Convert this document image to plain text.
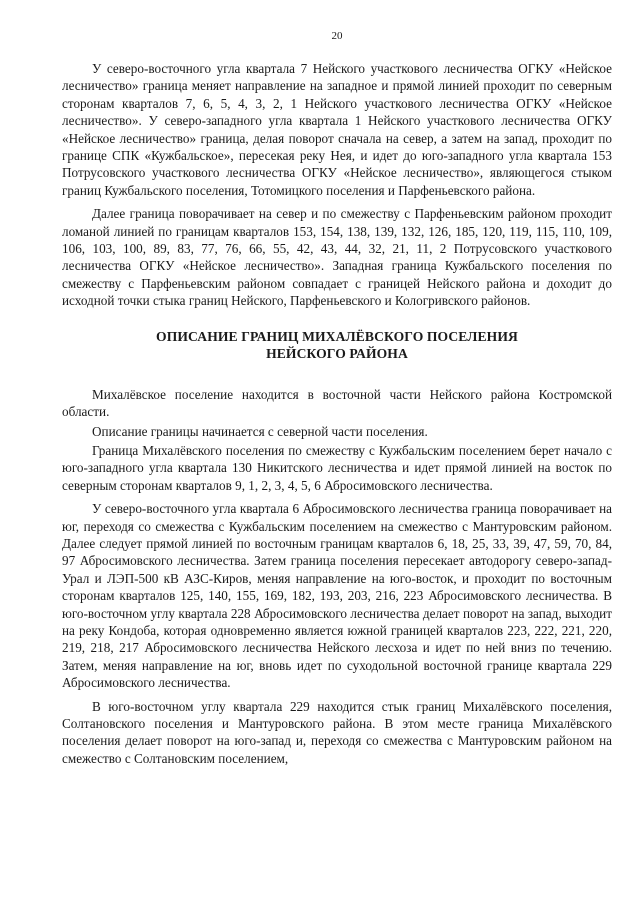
20

У северо-восточного угла квартала 7 Нейского участкового лесничества ОГКУ «Нейское лесничество» граница меняет направление на западное и прямой линией проходит по северным сторонам кварталов 7, 6, 5, 4, 3, 2, 1 Нейского участкового лесничества ОГКУ «Нейское лесничество». У северо-западного угла квартала 1 Нейского участкового лесничества ОГКУ «Нейское лесничество» граница, делая поворот сначала на север, а затем на запад, проходит по границе СПК «Кужбальское», пересекая реку Нея, и идет до юго-западного угла квартала 153 Потрусовского участкового лесничества ОГКУ «Нейское лесничество», являющегося стыком границ Кужбальского поселения, Тотомицкого поселения и Парфеньевского района.

Далее граница поворачивает на север и по смежеству с Парфеньевским районом проходит ломаной линией по границам кварталов 153, 154, 138, 139, 132, 126, 185, 120, 119, 115, 110, 109, 106, 103, 100, 89, 83, 77, 76, 66, 55, 42, 43, 44, 32, 21, 11, 2 Потрусовского участкового лесничества ОГКУ «Нейское лесничество». Западная граница Кужбальского поселения по смежеству с Парфеньевским районом совпадает с границей Нейского района и доходит до исходной точки стыка границ Нейского, Парфеньевского и Кологривского районов.

ОПИСАНИЕ ГРАНИЦ МИХАЛЁВСКОГО ПОСЕЛЕНИЯ
НЕЙСКОГО РАЙОНА

Михалёвское поселение находится в восточной части Нейского района Костромской области.

Описание границы начинается с северной части поселения.

Граница Михалёвского поселения по смежеству с Кужбальским поселением берет начало с юго-западного угла квартала 130 Никитского лесничества и идет прямой линией на восток по северным сторонам кварталов 9, 1, 2, 3, 4, 5, 6 Абросимовского лесничества.

У северо-восточного угла квартала 6 Абросимовского лесничества граница поворачивает на юг, переходя со смежества с Кужбальским поселением на смежество с Мантуровским районом. Далее следует прямой линией по восточным границам кварталов 6, 18, 25, 33, 39, 47, 59, 70, 84, 97 Абросимовского лесничества. Затем граница поселения пересекает автодорогу северо-запад-Урал и ЛЭП-500 кВ АЗС-Киров, меняя направление на юго-восток, и проходит по восточным сторонам кварталов 125, 140, 155, 169, 182, 193, 203, 216, 223 Абросимовского лесничества. В юго-восточном углу квартала 228 Абросимовского лесничества делает поворот на запад, выходит на реку Кондоба, которая одновременно является южной границей кварталов 223, 222, 221, 220, 219, 218, 217 Абросимовского лесничества Нейского лесхоза и идет по ней вниз по течению. Затем, меняя направление на юг, вновь идет по суходольной восточной границе квартала 229 Абросимовского лесничества.

В юго-восточном углу квартала 229 находится стык границ Михалёвского поселения, Солтановского поселения и Мантуровского района. В этом месте граница Михалёвского поселения делает поворот на юго-запад и, переходя со смежества с Мантуровским районом на смежество с Солтановским поселением,
